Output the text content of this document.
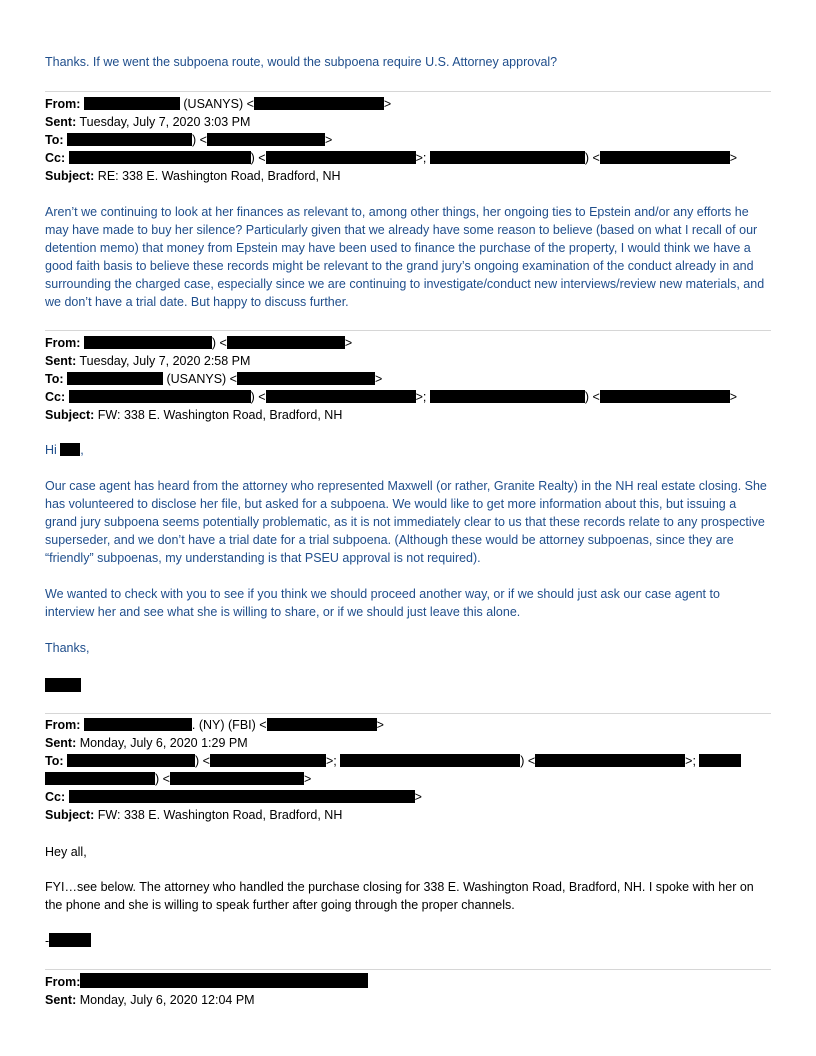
Thanks. If we went the subpoena route, would the subpoena require U.S. Attorney approval?
From:	(USANYS) <	>
Sent: Tuesday, July 7, 2020 3:03 PM
To:	) <	>
Cc:	) <	>;	) <	>
Subject: RE: 338 E. Washington Road, Bradford, NH
Aren’t we continuing to look at her finances as relevant to, among other things, her ongoing ties to Epstein and/or any efforts he may have made to buy her silence? Particularly given that we already have some reason to believe (based on what I recall of our detention memo) that money from Epstein may have been used to finance the purchase of the property, I would think we have a good faith basis to believe these records might be relevant to the grand jury’s ongoing examination of the conduct already in and surrounding the charged case, especially since we are continuing to investigate/conduct new interviews/review new materials, and we don’t have a trial date. But happy to discuss further.
From:	) <	>
Sent: Tuesday, July 7, 2020 2:58 PM
To:	(USANYS) <	>
Cc:	) <	>;	) <	>
Subject: FW: 338 E. Washington Road, Bradford, NH
Hi ,
Our case agent has heard from the attorney who represented Maxwell (or rather, Granite Realty) in the NH real estate closing. She has volunteered to disclose her file, but asked for a subpoena. We would like to get more information about this, but issuing a grand jury subpoena seems potentially problematic, as it is not immediately clear to us that these records relate to any prospective superseder, and we don’t have a trial date for a trial subpoena. (Although these would be attorney subpoenas, since they are “friendly” subpoenas, my understanding is that PSEU approval is not required).
We wanted to check with you to see if you think we should proceed another way, or if we should just ask our case agent to interview her and see what she is willing to share, or if we should just leave this alone.
Thanks,
From:	. (NY) (FBI) <	>
Sent: Monday, July 6, 2020 1:29 PM
To:	) <	>;	) <	>;
) <	>
Cc:	>
Subject: FW: 338 E. Washington Road, Bradford, NH
Hey all,
FYI…see below. The attorney who handled the purchase closing for 338 E. Washington Road, Bradford, NH. I spoke with her on the phone and she is willing to speak further after going through the proper channels.
-
From:
Sent: Monday, July 6, 2020 12:04 PM
